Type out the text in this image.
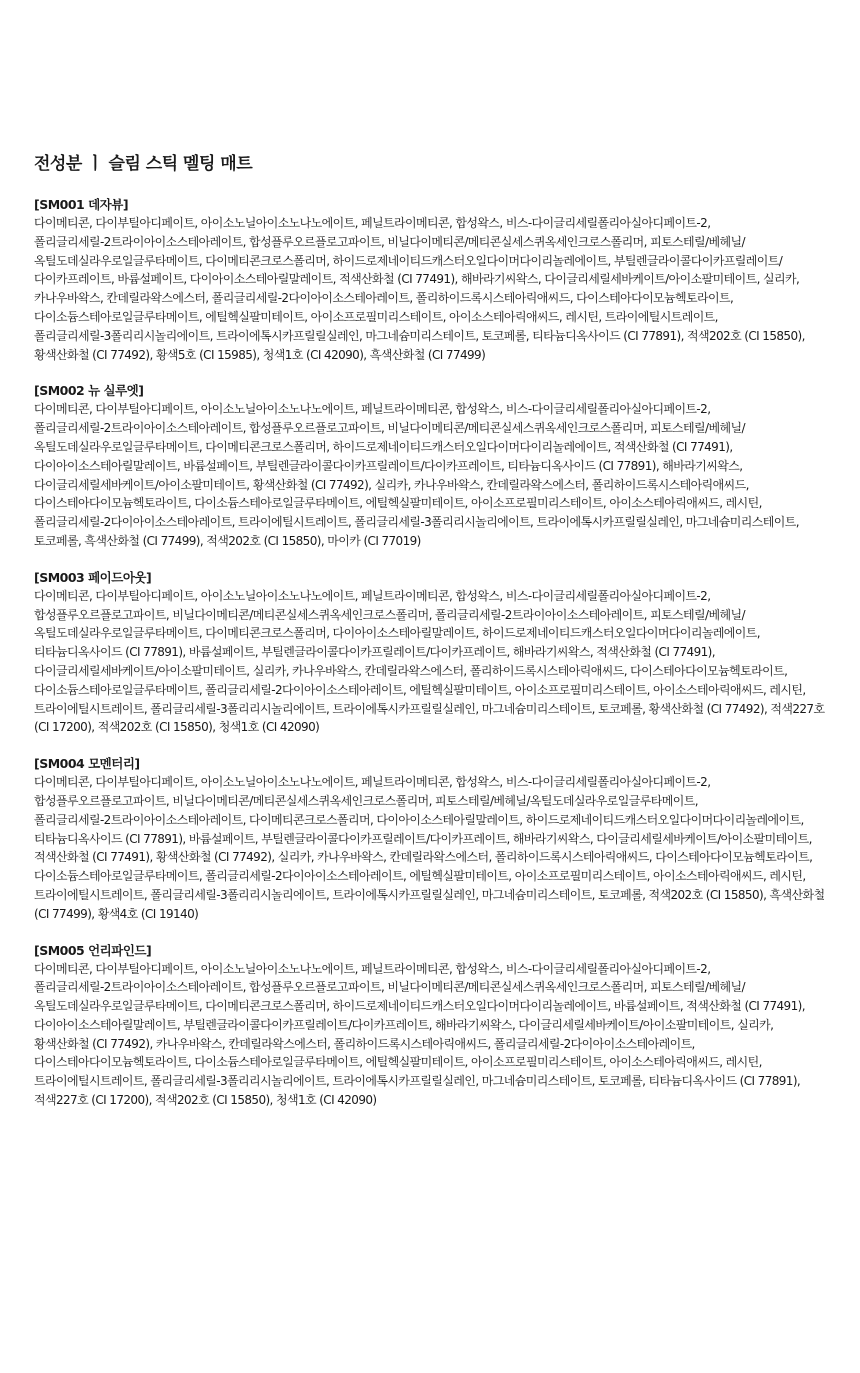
전성분 ㅣ 슬림 스틱 멜팅 매트
[SM001 데자뷰]
다이메티콘, 다이부틸아디페이트, 아이소노닐아이소노나노에이트, 페닐트라이메티콘, 합성왁스, 비스-다이글리세릴폴리아실아디페이트-2, 폴리글리세릴-2트라이아이소스테아레이트, 합성플루오르플로고파이트, 비닐다이메티콘/메티콘실세스퀴옥세인크로스폴리머, 피토스테릴/베헤닐/옥틸도데실라우로일글루타메이트, 다이메티콘크로스폴리머, 하이드로제네이티드캐스터오일다이머다이리놀레에이트, 부틸렌글라이콜다이카프릴레이트/다이카프레이트, 바륨설페이트, 다이아이소스테아릴말레이트, 적색산화철 (CI 77491), 해바라기씨왁스, 다이글리세릴세바케이트/아이소팔미테이트, 실리카, 카나우바왁스, 칸데릴라왁스에스터, 폴리글리세릴-2다이아이소스테아레이트, 폴리하이드록시스테아릭애씨드, 다이스테아다이모늄헥토라이트, 다이소듐스테아로일글루타메이트, 에틸헥실팔미테이트, 아이소프로필미리스테이트, 아이소스테아릭애씨드, 레시틴, 트라이에틸시트레이트, 폴리글리세릴-3폴리리시놀리에이트, 트라이에톡시카프릴릴실레인, 마그네슘미리스테이트, 토코페롤, 티타늄디옥사이드 (CI 77891), 적색202호 (CI 15850), 황색산화철 (CI 77492), 황색5호 (CI 15985), 청색1호 (CI 42090), 흑색산화철 (CI 77499)
[SM002 뉴 실루엣]
다이메티콘, 다이부틸아디페이트, 아이소노닐아이소노나노에이트, 페닐트라이메티콘, 합성왁스, 비스-다이글리세릴폴리아실아디페이트-2, 폴리글리세릴-2트라이아이소스테아레이트, 합성플루오르플로고파이트, 비닐다이메티콘/메티콘실세스퀴옥세인크로스폴리머, 피토스테릴/베헤닐/옥틸도데실라우로일글루타메이트, 다이메티콘크로스폴리머, 하이드로제네이티드캐스터오일다이머다이리놀레에이트, 적색산화철 (CI 77491), 다이아이소스테아릴말레이트, 바륨설페이트, 부틸렌글라이콜다이카프릴레이트/다이카프레이트, 티타늄디옥사이드 (CI 77891), 해바라기씨왁스, 다이글리세릴세바케이트/아이소팔미테이트, 황색산화철 (CI 77492), 실리카, 카나우바왁스, 칸데릴라왁스에스터, 폴리하이드록시스테아릭애씨드, 다이스테아다이모늄헥토라이트, 다이소듐스테아로일글루타메이트, 에틸헥실팔미테이트, 아이소프로필미리스테이트, 아이소스테아릭애씨드, 레시틴, 폴리글리세릴-2다이아이소스테아레이트, 트라이에틸시트레이트, 폴리글리세릴-3폴리리시놀리에이트, 트라이에톡시카프릴릴실레인, 마그네슘미리스테이트, 토코페롤, 흑색산화철 (CI 77499), 적색202호 (CI 15850), 마이카 (CI 77019)
[SM003 페이드아웃]
다이메티콘, 다이부틸아디페이트, 아이소노닐아이소노나노에이트, 페닐트라이메티콘, 합성왁스, 비스-다이글리세릴폴리아실아디페이트-2, 합성플루오르플로고파이트, 비닐다이메티콘/메티콘실세스퀴옥세인크로스폴리머, 폴리글리세릴-2트라이아이소스테아레이트, 피토스테릴/베헤닐/옥틸도데실라우로일글루타메이트, 다이메티콘크로스폴리머, 다이아이소스테아릴말레이트, 하이드로제네이티드캐스터오일다이머다이리놀레에이트, 티타늄디옥사이드 (CI 77891), 바륨설페이트, 부틸렌글라이콜다이카프릴레이트/다이카프레이트, 해바라기씨왁스, 적색산화철 (CI 77491), 다이글리세릴세바케이트/아이소팔미테이트, 실리카, 카나우바왁스, 칸데릴라왁스에스터, 폴리하이드록시스테아릭애씨드, 다이스테아다이모늄헥토라이트, 다이소듐스테아로일글루타메이트, 폴리글리세릴-2다이아이소스테아레이트, 에틸헥실팔미테이트, 아이소프로필미리스테이트, 아이소스테아릭애씨드, 레시틴, 트라이에틸시트레이트, 폴리글리세릴-3폴리리시놀리에이트, 트라이에톡시카프릴릴실레인, 마그네슘미리스테이트, 토코페롤, 황색산화철 (CI 77492), 적색227호 (CI 17200), 적색202호 (CI 15850), 청색1호 (CI 42090)
[SM004 모멘터리]
다이메티콘, 다이부틸아디페이트, 아이소노닐아이소노나노에이트, 페닐트라이메티콘, 합성왁스, 비스-다이글리세릴폴리아실아디페이트-2, 합성플루오르플로고파이트, 비닐다이메티콘/메티콘실세스퀴옥세인크로스폴리머, 피토스테릴/베헤닐/옥틸도데실라우로일글루타메이트, 폴리글리세릴-2트라이아이소스테아레이트, 다이메티콘크로스폴리머, 다이아이소스테아릴말레이트, 하이드로제네이티드캐스터오일다이머다이리놀레에이트, 티타늄디옥사이드 (CI 77891), 바륨설페이트, 부틸렌글라이콜다이카프릴레이트/다이카프레이트, 해바라기씨왁스, 다이글리세릴세바케이트/아이소팔미테이트, 적색산화철 (CI 77491), 황색산화철 (CI 77492), 실리카, 카나우바왁스, 칸데릴라왁스에스터, 폴리하이드록시스테아릭애씨드, 다이스테아다이모늄헥토라이트, 다이소듐스테아로일글루타메이트, 폴리글리세릴-2다이아이소스테아레이트, 에틸헥실팔미테이트, 아이소프로필미리스테이트, 아이소스테아릭애씨드, 레시틴, 트라이에틸시트레이트, 폴리글리세릴-3폴리리시놀리에이트, 트라이에톡시카프릴릴실레인, 마그네슘미리스테이트, 토코페롤, 적색202호 (CI 15850), 흑색산화철 (CI 77499), 황색4호 (CI 19140)
[SM005 언리파인드]
다이메티콘, 다이부틸아디페이트, 아이소노닐아이소노나노에이트, 페닐트라이메티콘, 합성왁스, 비스-다이글리세릴폴리아실아디페이트-2, 폴리글리세릴-2트라이아이소스테아레이트, 합성플루오르플로고파이트, 비닐다이메티콘/메티콘실세스퀴옥세인크로스폴리머, 피토스테릴/베헤닐/옥틸도데실라우로일글루타메이트, 다이메티콘크로스폴리머, 하이드로제네이티드캐스터오일다이머다이리놀레에이트, 바륨설페이트, 적색산화철 (CI 77491), 다이아이소스테아릴말레이트, 부틸렌글라이콜다이카프릴레이트/다이카프레이트, 해바라기씨왁스, 다이글리세릴세바케이트/아이소팔미테이트, 실리카, 황색산화철 (CI 77492), 카나우바왁스, 칸데릴라왁스에스터, 폴리하이드록시스테아릭애씨드, 폴리글리세릴-2다이아이소스테아레이트, 다이스테아다이모늄헥토라이트, 다이소듐스테아로일글루타메이트, 에틸헥실팔미테이트, 아이소프로필미리스테이트, 아이소스테아릭애씨드, 레시틴, 트라이에틸시트레이트, 폴리글리세릴-3폴리리시놀리에이트, 트라이에톡시카프릴릴실레인, 마그네슘미리스테이트, 토코페롤, 티타늄디옥사이드 (CI 77891), 적색227호 (CI 17200), 적색202호 (CI 15850), 청색1호 (CI 42090)
